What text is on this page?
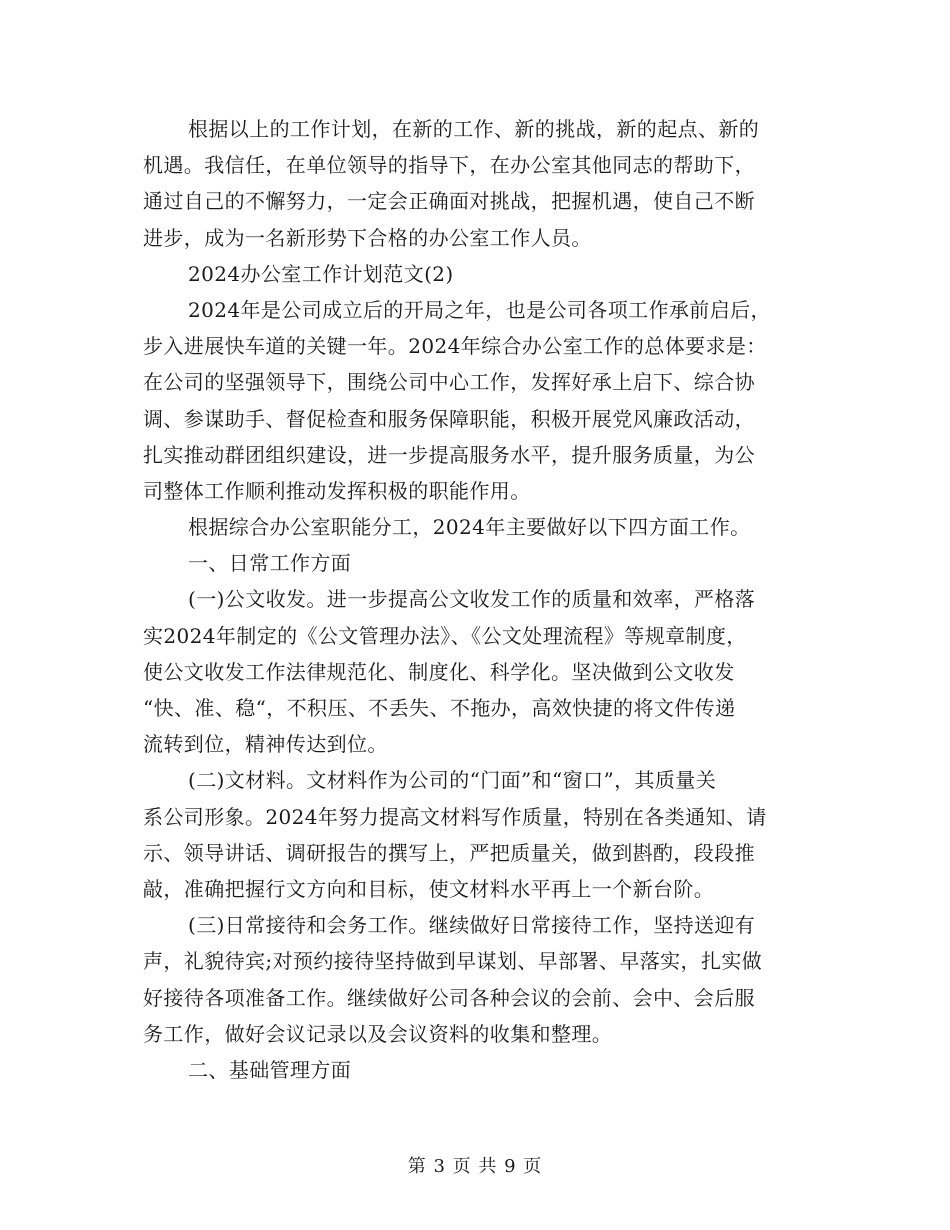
根据以上的工作计划，在新的工作、新的挑战，新的起点、新的
机遇。我信任，在单位领导的指导下，在办公室其他同志的帮助下，
通过自己的不懈努力，一定会正确面对挑战，把握机遇，使自己不断
进步，成为一名新形势下合格的办公室工作人员。
2024办公室工作计划范文(2)
2024年是公司成立后的开局之年，也是公司各项工作承前启后，
步入进展快车道的关键一年。2024年综合办公室工作的总体要求是：
在公司的坚强领导下，围绕公司中心工作，发挥好承上启下、综合协
调、参谋助手、督促检查和服务保障职能，积极开展党风廉政活动，
扎实推动群团组织建设，进一步提高服务水平，提升服务质量，为公
司整体工作顺利推动发挥积极的职能作用。
根据综合办公室职能分工，2024年主要做好以下四方面工作。
一、日常工作方面
(一)公文收发。进一步提高公文收发工作的质量和效率，严格落
实2024年制定的《公文管理办法》、《公文处理流程》等规章制度，
使公文收发工作法律规范化、制度化、科学化。坚决做到公文收发
“快、准、稳“，不积压、不丢失、不拖办，高效快捷的将文件传递
流转到位，精神传达到位。
(二)文材料。文材料作为公司的“门面”和“窗口”，其质量关
系公司形象。2024年努力提高文材料写作质量，特别在各类通知、请
示、领导讲话、调研报告的撰写上，严把质量关，做到斟酌，段段推
敲，准确把握行文方向和目标，使文材料水平再上一个新台阶。
(三)日常接待和会务工作。继续做好日常接待工作，坚持送迎有
声，礼貌待宾;对预约接待坚持做到早谋划、早部署、早落实，扎实做
好接待各项准备工作。继续做好公司各种会议的会前、会中、会后服
务工作，做好会议记录以及会议资料的收集和整理。
二、基础管理方面
第 3 页 共 9 页
